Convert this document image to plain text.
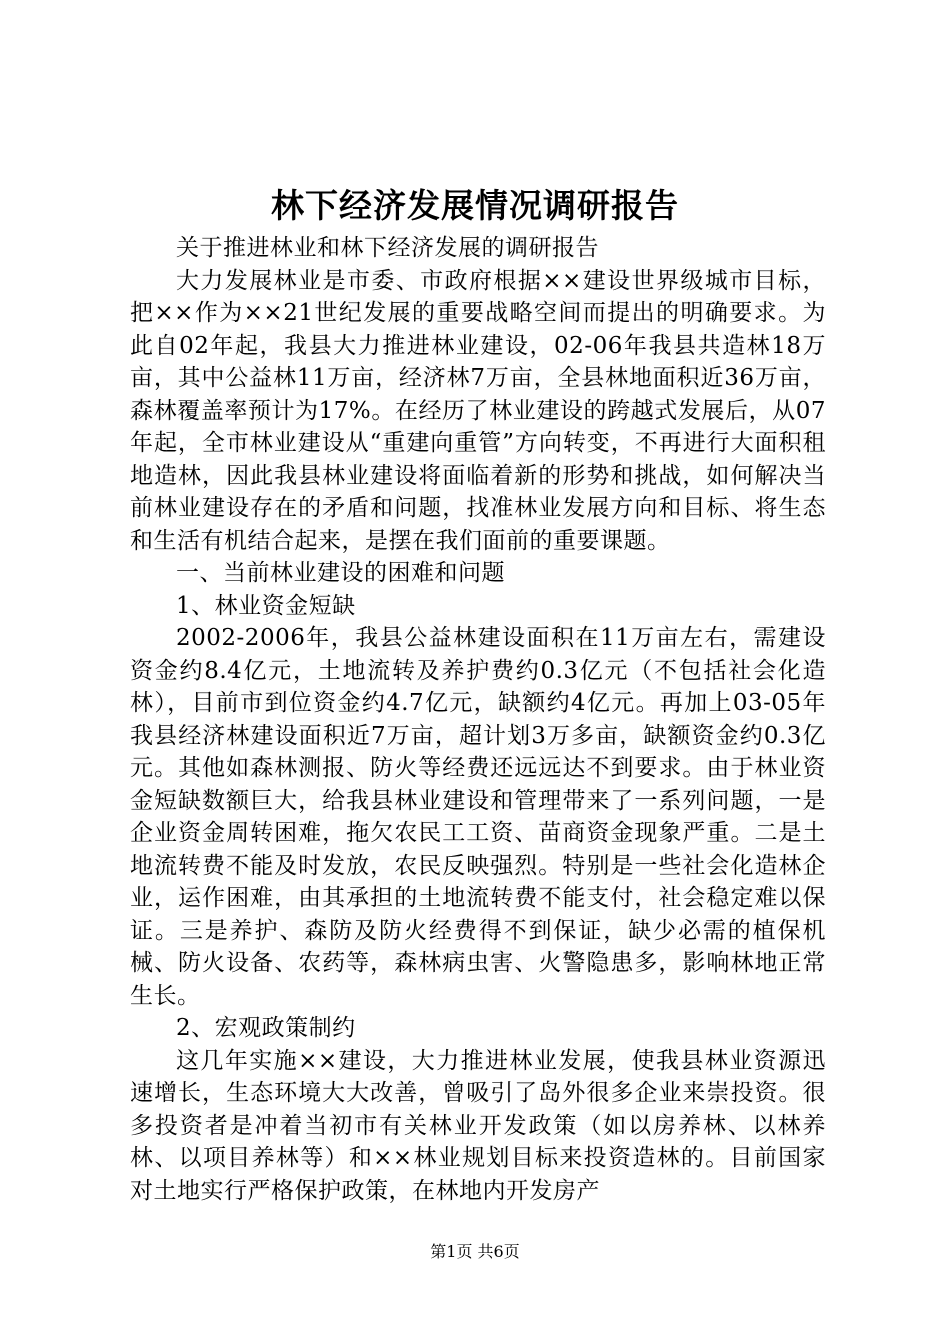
林下经济发展情况调研报告

关于推进林业和林下经济发展的调研报告

大力发展林业是市委、市政府根据××建设世界级城市目标，把××作为××21世纪发展的重要战略空间而提出的明确要求。为此自02年起，我县大力推进林业建设，02-06年我县共造林18万亩，其中公益林11万亩，经济林7万亩，全县林地面积近36万亩，森林覆盖率预计为17%。在经历了林业建设的跨越式发展后，从07年起，全市林业建设从“重建向重管”方向转变，不再进行大面积租地造林，因此我县林业建设将面临着新的形势和挑战，如何解决当前林业建设存在的矛盾和问题，找准林业发展方向和目标、将生态和生活有机结合起来，是摆在我们面前的重要课题。

一、当前林业建设的困难和问题

1、林业资金短缺

2002-2006年，我县公益林建设面积在11万亩左右，需建设资金约8.4亿元，土地流转及养护费约0.3亿元（不包括社会化造林），目前市到位资金约4.7亿元，缺额约4亿元。再加上03-05年我县经济林建设面积近7万亩，超计划3万多亩，缺额资金约0.3亿元。其他如森林测报、防火等经费还远远达不到要求。由于林业资金短缺数额巨大，给我县林业建设和管理带来了一系列问题，一是企业资金周转困难，拖欠农民工工资、苗商资金现象严重。二是土地流转费不能及时发放，农民反映强烈。特别是一些社会化造林企业，运作困难，由其承担的土地流转费不能支付，社会稳定难以保证。三是养护、森防及防火经费得不到保证，缺少必需的植保机械、防火设备、农药等，森林病虫害、火警隐患多，影响林地正常生长。

2、宏观政策制约

这几年实施××建设，大力推进林业发展，使我县林业资源迅速增长，生态环境大大改善，曾吸引了岛外很多企业来崇投资。很多投资者是冲着当初市有关林业开发政策（如以房养林、以林养林、以项目养林等）和××林业规划目标来投资造林的。目前国家对土地实行严格保护政策，在林地内开发房产

第1页 共6页
